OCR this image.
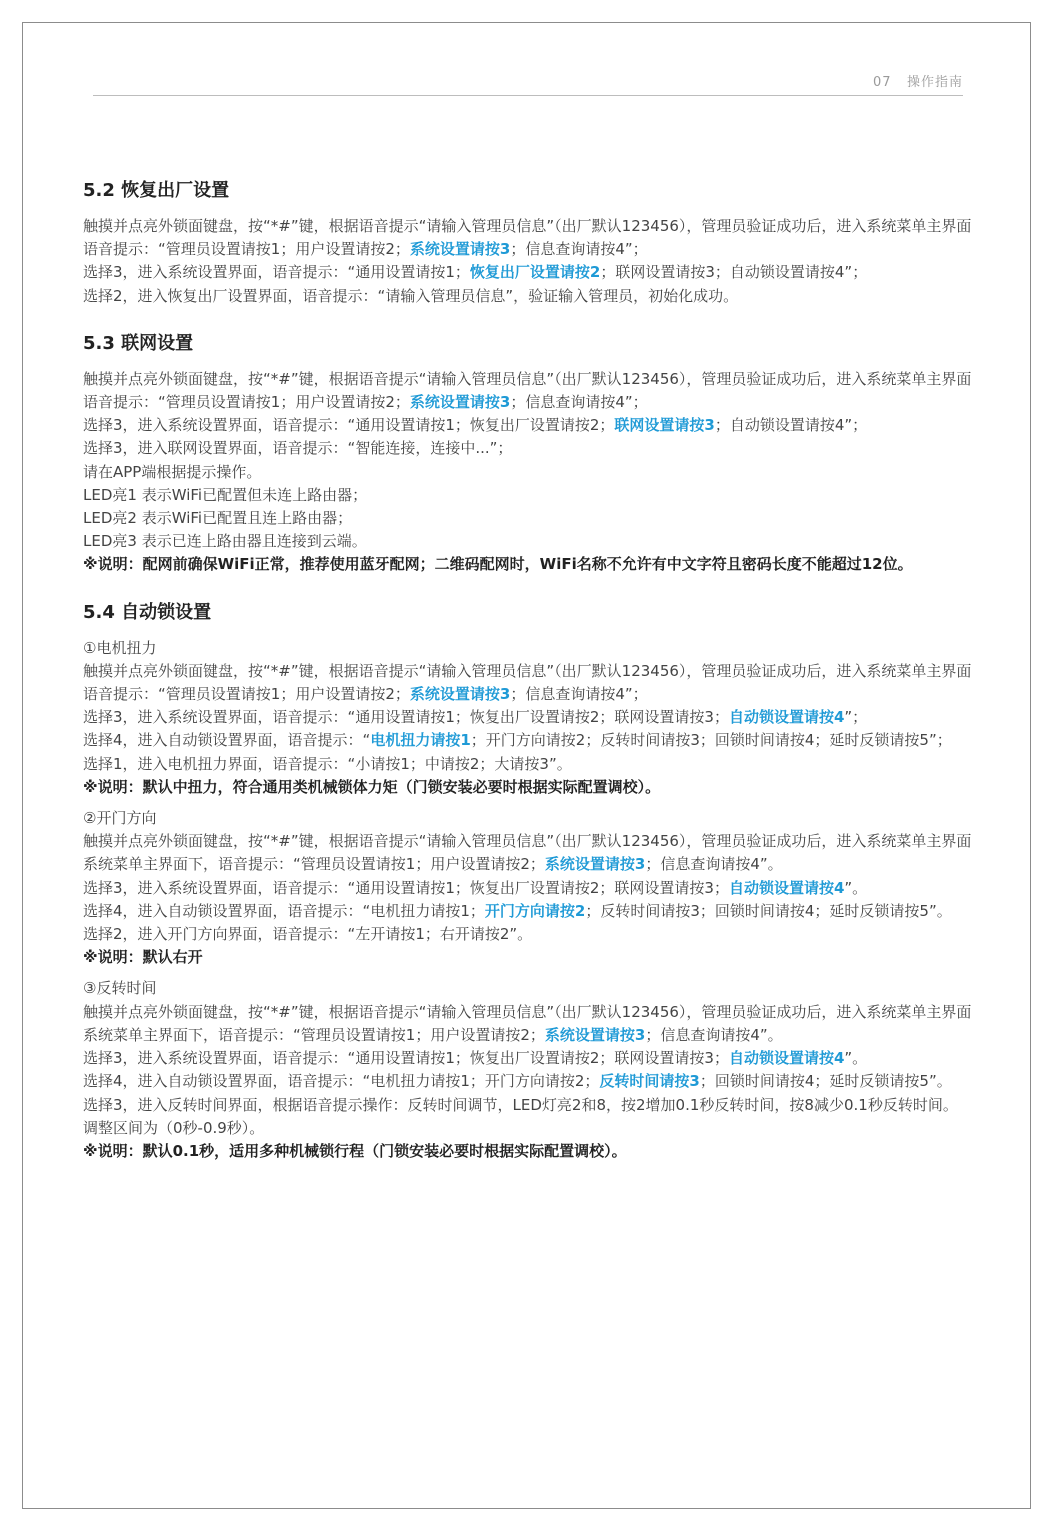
07 操作指南
5.2 恢复出厂设置

触摸并点亮外锁面键盘，按“*#”键，根据语音提示“请输入管理员信息”（出厂默认123456），管理员验证成功后，进入系统菜单主界面语音提示：“管理员设置请按1；用户设置请按2；系统设置请按3；信息查询请按4”；

选择3，进入系统设置界面，语音提示：“通用设置请按1；恢复出厂设置请按2；联网设置请按3；自动锁设置请按4”；

选择2，进入恢复出厂设置界面，语音提示：“请输入管理员信息”，验证输入管理员，初始化成功。

5.3 联网设置

触摸并点亮外锁面键盘，按“*#”键，根据语音提示“请输入管理员信息”（出厂默认123456），管理员验证成功后，进入系统菜单主界面语音提示：“管理员设置请按1；用户设置请按2；系统设置请按3；信息查询请按4”；

选择3，进入系统设置界面，语音提示：“通用设置请按1；恢复出厂设置请按2；联网设置请按3；自动锁设置请按4”；

选择3，进入联网设置界面，语音提示：“智能连接，连接中...”；

请在APP端根据提示操作。

LED亮1 表示WiFi已配置但未连上路由器；

LED亮2 表示WiFi已配置且连上路由器；

LED亮3 表示已连上路由器且连接到云端。

※说明：配网前确保WiFi正常，推荐使用蓝牙配网；二维码配网时，WiFi名称不允许有中文字符且密码长度不能超过12位。

5.4 自动锁设置

①电机扭力

触摸并点亮外锁面键盘，按“*#”键，根据语音提示“请输入管理员信息”（出厂默认123456），管理员验证成功后，进入系统菜单主界面语音提示：“管理员设置请按1；用户设置请按2；系统设置请按3；信息查询请按4”；

选择3，进入系统设置界面，语音提示：“通用设置请按1；恢复出厂设置请按2；联网设置请按3；自动锁设置请按4”；

选择4，进入自动锁设置界面，语音提示：“电机扭力请按1；开门方向请按2；反转时间请按3；回锁时间请按4；延时反锁请按5”；

选择1，进入电机扭力界面，语音提示：“小请按1；中请按2；大请按3”。

※说明：默认中扭力，符合通用类机械锁体力矩（门锁安装必要时根据实际配置调校）。

②开门方向

触摸并点亮外锁面键盘，按“*#”键，根据语音提示“请输入管理员信息”（出厂默认123456），管理员验证成功后，进入系统菜单主界面系统菜单主界面下，语音提示：“管理员设置请按1；用户设置请按2；系统设置请按3；信息查询请按4”。

选择3，进入系统设置界面，语音提示：“通用设置请按1；恢复出厂设置请按2；联网设置请按3；自动锁设置请按4”。

选择4，进入自动锁设置界面，语音提示：“电机扭力请按1；开门方向请按2；反转时间请按3；回锁时间请按4；延时反锁请按5”。

选择2，进入开门方向界面，语音提示：“左开请按1；右开请按2”。

※说明：默认右开

③反转时间

触摸并点亮外锁面键盘，按“*#”键，根据语音提示“请输入管理员信息”（出厂默认123456），管理员验证成功后，进入系统菜单主界面系统菜单主界面下，语音提示：“管理员设置请按1；用户设置请按2；系统设置请按3；信息查询请按4”。

选择3，进入系统设置界面，语音提示：“通用设置请按1；恢复出厂设置请按2；联网设置请按3；自动锁设置请按4”。

选择4，进入自动锁设置界面，语音提示：“电机扭力请按1；开门方向请按2；反转时间请按3；回锁时间请按4；延时反锁请按5”。

选择3，进入反转时间界面，根据语音提示操作：反转时间调节，LED灯亮2和8，按2增加0.1秒反转时间，按8减少0.1秒反转时间。

调整区间为（0秒-0.9秒）。

※说明：默认0.1秒，适用多种机械锁行程（门锁安装必要时根据实际配置调校）。
